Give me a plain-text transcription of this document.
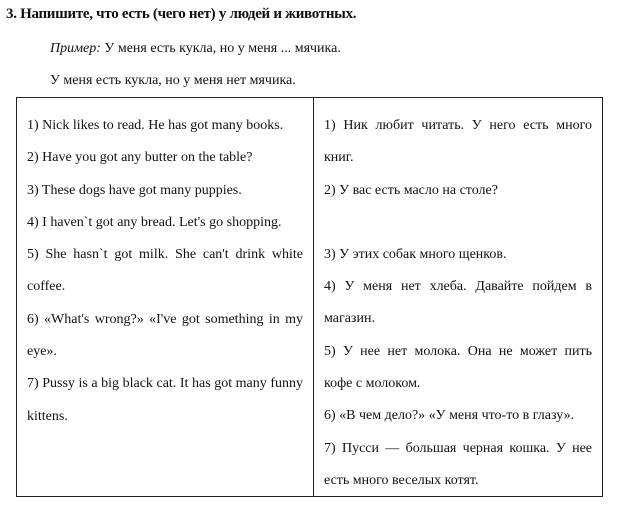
3. Напишите, что есть (чего нет) у людей и животных.
Пример: У меня есть кукла, но у меня ... мячика.
У меня есть кукла, но у меня нет мячика.
1) Nick likes to read. He has got many books.
2) Have you got any butter on the table?
3) These dogs have got many puppies.
4) I haven`t got any bread. Let's go shopping.
5) She hasn`t got milk. She can't drink white coffee.
6) «What's wrong?» «I've got something in my eye».
7) Pussy is a big black cat. It has got many funny kittens.
1) Ник любит читать. У него есть много книг.
2) У вас есть масло на столе?
3) У этих собак много щенков.
4) У меня нет хлеба. Давайте пойдем в магазин.
5) У нее нет молока. Она не может пить кофе с молоком.
6) «В чем дело?» «У меня что-то в глазу».
7) Пусси — большая черная кошка. У нее есть много веселых котят.
